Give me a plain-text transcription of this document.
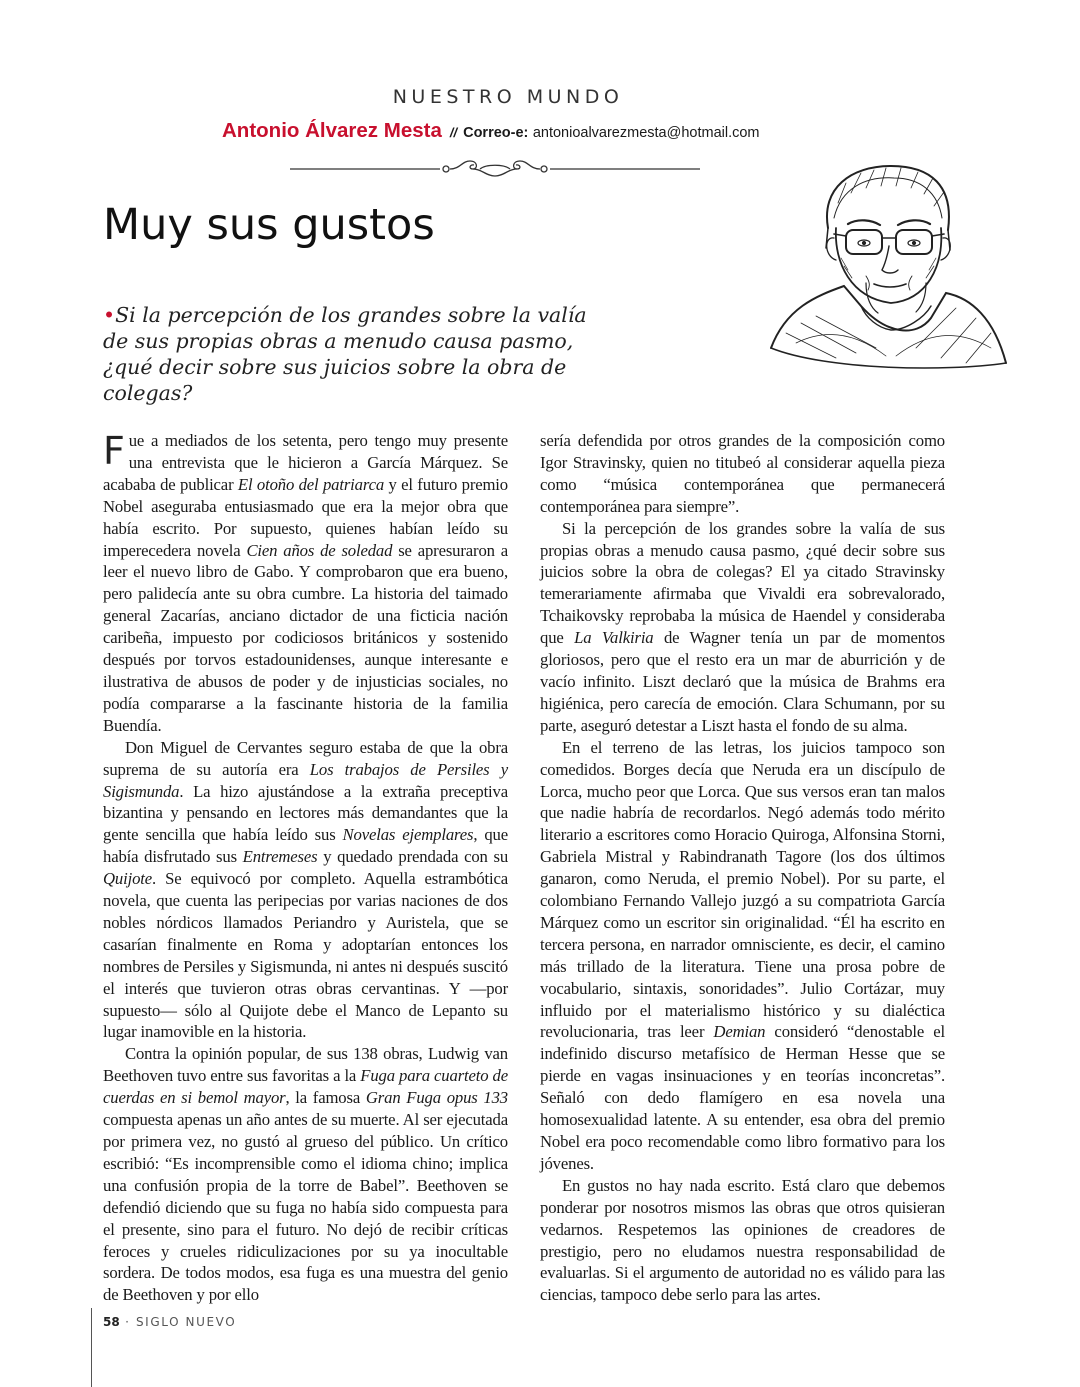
NUESTRO MUNDO
Antonio Álvarez Mesta // Correo-e: antonioalvarezmesta@hotmail.com
Muy sus gustos

•Si la percepción de los grandes sobre la valía de sus propias obras a menudo causa pasmo, ¿qué decir sobre sus juicios sobre la obra de colegas?

Fue a mediados de los setenta, pero tengo muy presente una entrevista que le hicieron a García Márquez. Se acababa de publicar El otoño del patriarca y el futuro premio Nobel aseguraba entusiasmado que era la mejor obra que había escrito. Por supuesto, quienes habían leído su imperecedera novela Cien años de soledad se apresuraron a leer el nuevo libro de Gabo. Y comprobaron que era bueno, pero palidecía ante su obra cumbre. La historia del taimado general Zacarías, anciano dictador de una ficticia nación caribeña, impuesto por codiciosos británicos y sostenido después por torvos estadounidenses, aunque interesante e ilustrativa de abusos de poder y de injusticias sociales, no podía compararse a la fascinante historia de la familia Buendía.

Don Miguel de Cervantes seguro estaba de que la obra suprema de su autoría era Los trabajos de Persiles y Sigismunda. La hizo ajustándose a la extraña preceptiva bizantina y pensando en lectores más demandantes que la gente sencilla que había leído sus Novelas ejemplares, que había disfrutado sus Entremeses y quedado prendada con su Quijote. Se equivocó por completo. Aquella estrambótica novela, que cuenta las peripecias por varias naciones de dos nobles nórdicos llamados Periandro y Auristela, que se casarían finalmente en Roma y adoptarían entonces los nombres de Persiles y Sigismunda, ni antes ni después suscitó el interés que tuvieron otras obras cervantinas. Y —por supuesto— sólo al Quijote debe el Manco de Lepanto su lugar inamovible en la historia.

Contra la opinión popular, de sus 138 obras, Ludwig van Beethoven tuvo entre sus favoritas a la Fuga para cuarteto de cuerdas en si bemol mayor, la famosa Gran Fuga opus 133 compuesta apenas un año antes de su muerte. Al ser ejecutada por primera vez, no gustó al grueso del público. Un crítico escribió: “Es incomprensible como el idioma chino; implica una confusión propia de la torre de Babel”. Beethoven se defendió diciendo que su fuga no había sido compuesta para el presente, sino para el futuro. No dejó de recibir críticas feroces y crueles ridiculizaciones por su ya inocultable sordera. De todos modos, esa fuga es una muestra del genio de Beethoven y por ello

sería defendida por otros grandes de la composición como Igor Stravinsky, quien no titubeó al considerar aquella pieza como “música contemporánea que permanecerá contemporánea para siempre”.

Si la percepción de los grandes sobre la valía de sus propias obras a menudo causa pasmo, ¿qué decir sobre sus juicios sobre la obra de colegas? El ya citado Stravinsky temerariamente afirmaba que Vivaldi era sobrevalorado, Tchaikovsky reprobaba la música de Haendel y consideraba que La Valkiria de Wagner tenía un par de momentos gloriosos, pero que el resto era un mar de aburrición y de vacío infinito. Liszt declaró que la música de Brahms era higiénica, pero carecía de emoción. Clara Schumann, por su parte, aseguró detestar a Liszt hasta el fondo de su alma.

En el terreno de las letras, los juicios tampoco son comedidos. Borges decía que Neruda era un discípulo de Lorca, mucho peor que Lorca. Que sus versos eran tan malos que nadie habría de recordarlos. Negó además todo mérito literario a escritores como Horacio Quiroga, Alfonsina Storni, Gabriela Mistral y Rabindranath Tagore (los dos últimos ganaron, como Neruda, el premio Nobel). Por su parte, el colombiano Fernando Vallejo juzgó a su compatriota García Márquez como un escritor sin originalidad. “Él ha escrito en tercera persona, en narrador omnisciente, es decir, el camino más trillado de la literatura. Tiene una prosa pobre de vocabulario, sintaxis, sonoridades”. Julio Cortázar, muy influido por el materialismo histórico y su dialéctica revolucionaria, tras leer Demian consideró “denostable el indefinido discurso metafísico de Herman Hesse que se pierde en vagas insinuaciones y en teorías inconcretas”. Señaló con dedo flamígero en esa novela una homosexualidad latente. A su entender, esa obra del premio Nobel era poco recomendable como libro formativo para los jóvenes.

En gustos no hay nada escrito. Está claro que debemos ponderar por nosotros mismos las obras que otros quisieran vedarnos. Respetemos las opiniones de creadores de prestigio, pero no eludamos nuestra responsabilidad de evaluarlas. Si el argumento de autoridad no es válido para las ciencias, tampoco debe serlo para las artes.

58 · SIGLO NUEVO
